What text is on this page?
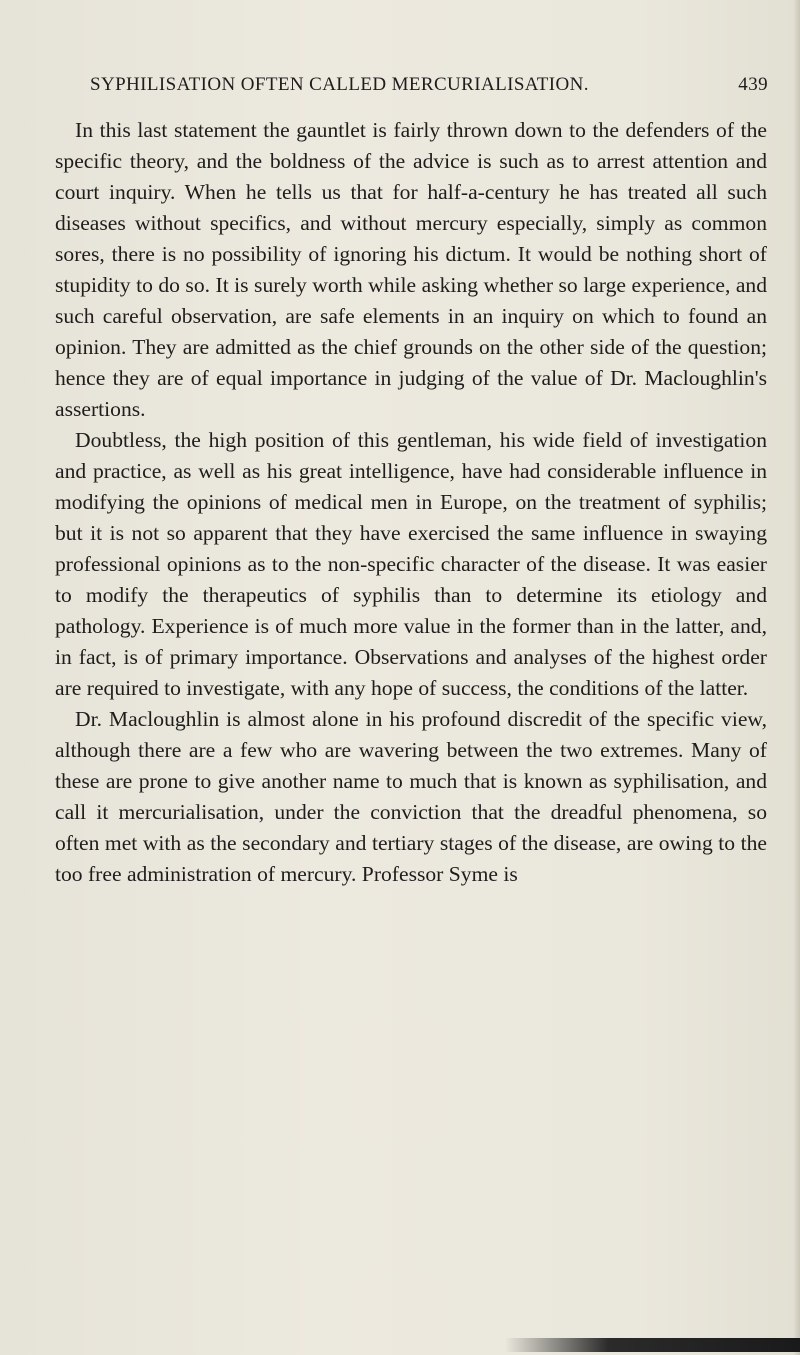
SYPHILISATION OFTEN CALLED MERCURIALISATION.	439

In this last statement the gauntlet is fairly thrown down to the defenders of the specific theory, and the boldness of the advice is such as to arrest attention and court inquiry. When he tells us that for half-a-century he has treated all such diseases without specifics, and without mercury especially, simply as common sores, there is no possibility of ignoring his dictum. It would be nothing short of stupidity to do so. It is surely worth while asking whether so large experience, and such careful observation, are safe elements in an inquiry on which to found an opinion. They are admitted as the chief grounds on the other side of the question; hence they are of equal importance in judging of the value of Dr. Macloughlin's assertions.

Doubtless, the high position of this gentleman, his wide field of investigation and practice, as well as his great intelligence, have had considerable influence in modifying the opinions of medical men in Europe, on the treatment of syphilis; but it is not so apparent that they have exercised the same influence in swaying professional opinions as to the non-specific character of the disease. It was easier to modify the therapeutics of syphilis than to determine its etiology and pathology. Experience is of much more value in the former than in the latter, and, in fact, is of primary importance. Observations and analyses of the highest order are required to investigate, with any hope of success, the conditions of the latter.

Dr. Macloughlin is almost alone in his profound discredit of the specific view, although there are a few who are wavering between the two extremes. Many of these are prone to give another name to much that is known as syphilisation, and call it mercurialisation, under the conviction that the dreadful phenomena, so often met with as the secondary and tertiary stages of the disease, are owing to the too free administration of mercury. Professor Syme is
